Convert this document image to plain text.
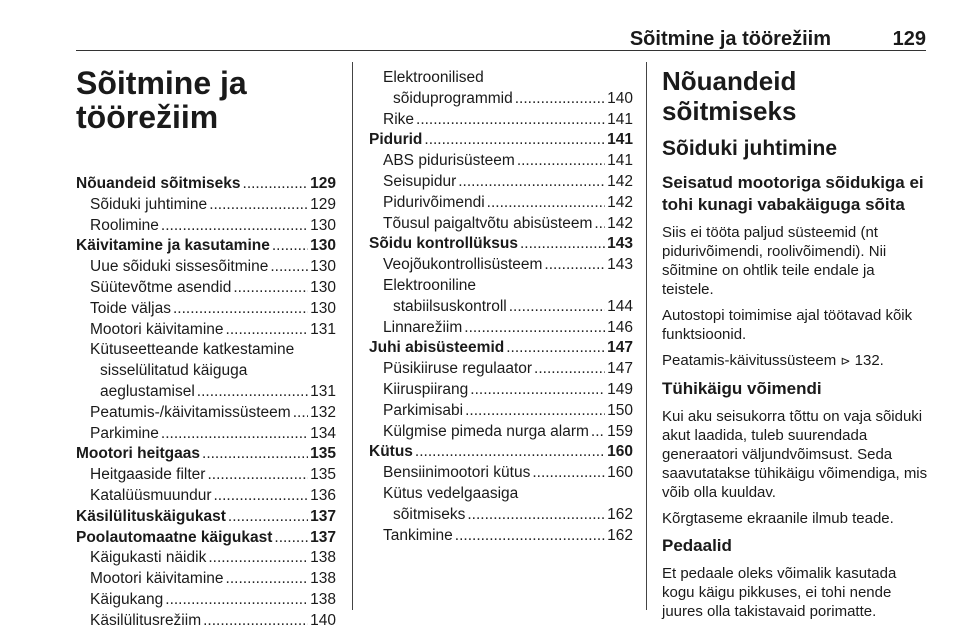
Sõitmine ja töörežiim	129
Sõitmine ja
töörežiim
Nõuandeid sõitmiseks .....	129
Sõiduki juhtimine .....	129
Roolimine .....	130
Käivitamine ja kasutamine .....	130
Uue sõiduki sissesõitmine .....	130
Süütevõtme asendid .....	130
Toide väljas .....	130
Mootori käivitamine .....	131
Kütuseetteande katkestamine
sisselülitatud käiguga
aeglustamisel .....	131
Peatumis-/käivitamissüsteem ..... 132
Parkimine .....	134
Mootori heitgaas .....	135
Heitgaaside filter .....	135
Katalüüsmuundur .....	136
Käsilülituskäigukast .....	137
Poolautomaatne käigukast ..... 137
Käigukasti näidik .....	138
Mootori käivitamine .....	138
Käigukang .....	138
Käsilülitusrežiim .....	140
Elektroonilised
sõiduprogrammid .....	140
Rike .....	141
Pidurid .....	141
ABS pidurisüsteem .....	141
Seisupidur .....	142
Pidurivõimendi .....	142
Tõusul paigaltvõtu abisüsteem ..... 142
Sõidu kontrollüksus .....	143
Veojõukontrollisüsteem .....	143
Elektrooniline
stabiilsuskontroll .....	144
Linnarežiim .....	146
Juhi abisüsteemid .....	147
Püsikiiruse regulaator .....	147
Kiiruspiirang .....	149
Parkimisabi .....	150
Külgmise pimeda nurga alarm ..... 159
Kütus .....	160
Bensiinimootori kütus .....	160
Kütus vedelgaasiga
sõitmiseks .....	162
Tankimine .....	162
Nõuandeid sõitmiseks
Sõiduki juhtimine
Seisatud mootoriga sõidukiga ei tohi kunagi vabakäiguga sõita
Siis ei tööta paljud süsteemid (nt pidurivõimendi, roolivõimendi). Nii sõitmine on ohtlik teile endale ja teistele.
Autostopi toimimise ajal töötavad kõik funktsioonid.
Peatamis-käivitussüsteem ⊳ 132.
Tühikäigu võimendi
Kui aku seisukorra tõttu on vaja sõiduki akut laadida, tuleb suurendada generaatori väljundvõimsust. Seda saavutatakse tühikäigu võimendiga, mis võib olla kuuldav.
Kõrgtaseme ekraanile ilmub teade.
Pedaalid
Et pedaale oleks võimalik kasutada kogu käigu pikkuses, ei tohi nende juures olla takistavaid porimatte.
